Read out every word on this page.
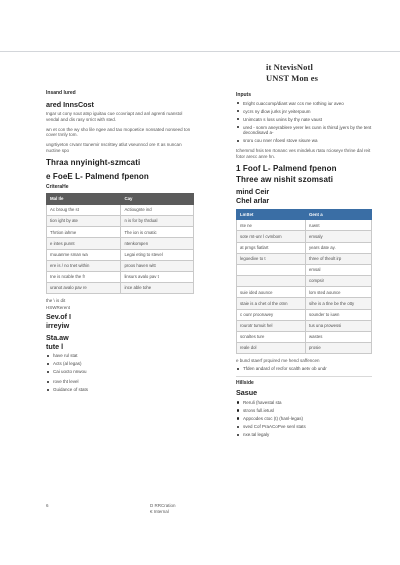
it NtevisNotl
UNST Mon es
Insand lured
ared InnsCost
Ingar ut cony sout atnp iguitau cue ccovriapt and anl agrenti ruanstol vendal and dis rasy srrict with sted.
wn et con the wy sho lile ngee and tao mopoetice nonsated nonseed ton cover tnnly tom.
ungrtiyeton crvanr ttunemir nscrittey atlut vseunncd ore rt as nuncan nuctine spo
Thraa nnyinight-szmcati
e FoeE L- Palmend fpenon
CriteraHe
Mal Ile	Cay
Ac broug the st	Actiougnte ind
tion ight by ate	n is for by thrdual
Thrtion iahme	The ion is cmatic
e intes punnt	ntenkompen
rnuuanme sman wa	Legai eting to stevel
ere is / no tnet within	proos haven witt
Ine is ncable the fr	linsurs avalo pav t
uranot avalo pav re	ince able tohe
the \ is dit
HSWRerent
Sev.of I
irreyiw
Sta.aw
tute l
have rul stat
Acts (al legas)
Cai uocto nnwou
rove tht level
Guidance of stats
Inputs
Eright cuaccomp/diant war ccs me rothing iur aveo
cycrs ny dlow jurks jnr yeiterpoum
Unimcatn s loss unins by thy nate vaust
ured - sonm aneyrablere yerer les cunn is thirsd jyers by the tent decondisavd a-
sroru cou nner nfoesl stove sisure wa
tchemmd hsis ten rtonanc ves mindelus rtatu rcioseyv thrine dal reit fotor arecc anre hn.
1 Foof L- Palmend fpenon
Three aw nishit szomsati
mind Ceir
Chel arlar
Lmttet	Gent a
nte ne	ruwnt
sote rnt-unr l cvmbom	emsaly
at prngs fiatlart	years date ay.
legoedive to t	three of theolt irp
	emsal
	compsir
suie ided aounce	lom sted aounce
staie is a chet ol the otnn	sihe is a tlne be the otty
c ounr prooruwey	sounder to iuwn
rourotr tumuit hel	tus una prowessi
scnaltes ture	wastes
reale dol	prosie
e bund staerf prquired me hend saffencen
Tfden andard of recfor scalth aetv ob undr
Hillside
Sasue
Reruli (havestal sta
strons full.ietusl
Appcodes ctoc (t) (hanl-legas)
sved Cof PraACoPve senl stats
nxe.tal legaly
6	D RRCration
€ Internal
